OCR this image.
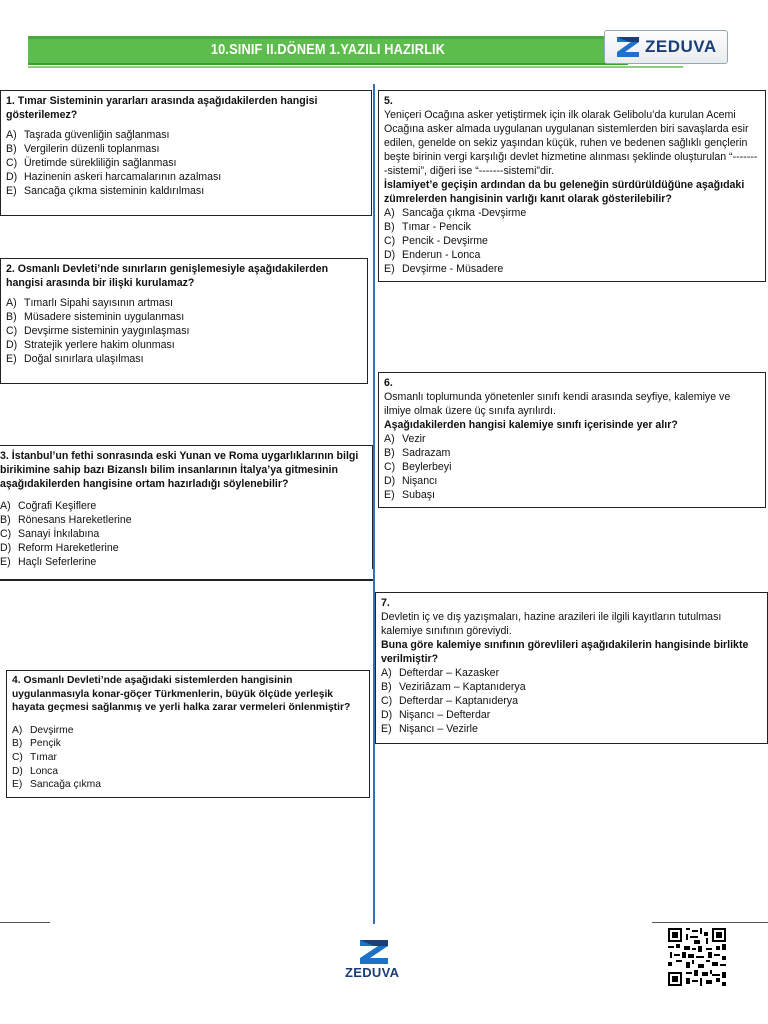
10.SINIF II.DÖNEM 1.YAZILI HAZIRLIK	ZEDUVA
1. Tımar Sisteminin yararları arasında aşağıdakilerden hangisi gösterilemez?
A) Taşrada güvenliğin sağlanması
B) Vergilerin düzenli toplanması
C) Üretimde sürekliliğin sağlanması
D) Hazinenin askeri harcamalarının azalması
E) Sancağa çıkma sisteminin kaldırılması
2. Osmanlı Devleti’nde sınırların genişlemesiyle aşağıdakilerden hangisi arasında bir ilişki kurulamaz?
A) Tımarlı Sipahi sayısının artması
B) Müsadere sisteminin uygulanması
C) Devşirme sisteminin yaygınlaşması
D) Stratejik yerlere hakim olunması
E) Doğal sınırlara ulaşılması
3. İstanbul’un fethi sonrasında eski Yunan ve Roma uygarlıklarının bilgi birikimine sahip bazı Bizanslı bilim insanlarının İtalya’ya gitmesinin aşağıdakilerden hangisine ortam hazırladığı söylenebilir?
A) Coğrafi Keşiflere
B) Rönesans Hareketlerine
C) Sanayi İnkılabına
D) Reform Hareketlerine
E) Haçlı Seferlerine
4. Osmanlı Devleti’nde aşağıdaki sistemlerden hangisinin uygulanmasıyla konar-göçer Türkmenlerin, büyük ölçüde yerleşik hayata geçmesi sağlanmış ve yerli halka zarar vermeleri önlenmiştir?
A) Devşirme
B) Pençik
C) Tımar
D) Lonca
E) Sancağa çıkma
5.
Yeniçeri Ocağına asker yetiştirmek için ilk olarak Gelibolu’da kurulan Acemi Ocağına asker almada uygulanan uygulanan sistemlerden biri savaşlarda esir edilen, genelde on sekiz yaşından küçük, ruhen ve bedenen sağlıklı gençlerin beşte birinin vergi karşılığı devlet hizmetine alınması şeklinde oluşturulan “--------sistemi”, diğeri ise “-------sistemi”dir.
İslamiyet’e geçişin ardından da bu geleneğin sürdürüldüğüne aşağıdaki zümrelerden hangisinin varlığı kanıt olarak gösterilebilir?
A) Sancağa çıkma -Devşirme
B) Tımar - Pencik
C) Pencik - Devşirme
D) Enderun - Lonca
E) Devşirme - Müsadere
6.
Osmanlı toplumunda yönetenler sınıfı kendi arasında seyfiye, kalemiye ve ilmiye olmak üzere üç sınıfa ayrılırdı.
Aşağıdakilerden hangisi kalemiye sınıfı içerisinde yer alır?
A) Vezir
B) Sadrazam
C) Beylerbeyi
D) Nişancı
E) Subaşı
7.
Devletin iç ve dış yazışmaları, hazine arazileri ile ilgili kayıtların tutulması kalemiye sınıfının göreviydi.
Buna göre kalemiye sınıfının görevlileri aşağıdakilerin hangisinde birlikte verilmiştir?
A) Defterdar – Kazasker
B) Veziriâzam – Kaptanıderya
C) Defterdar – Kaptanıderya
D) Nişancı – Defterdar
E) Nişancı – Vezirle
ZEDUVA
